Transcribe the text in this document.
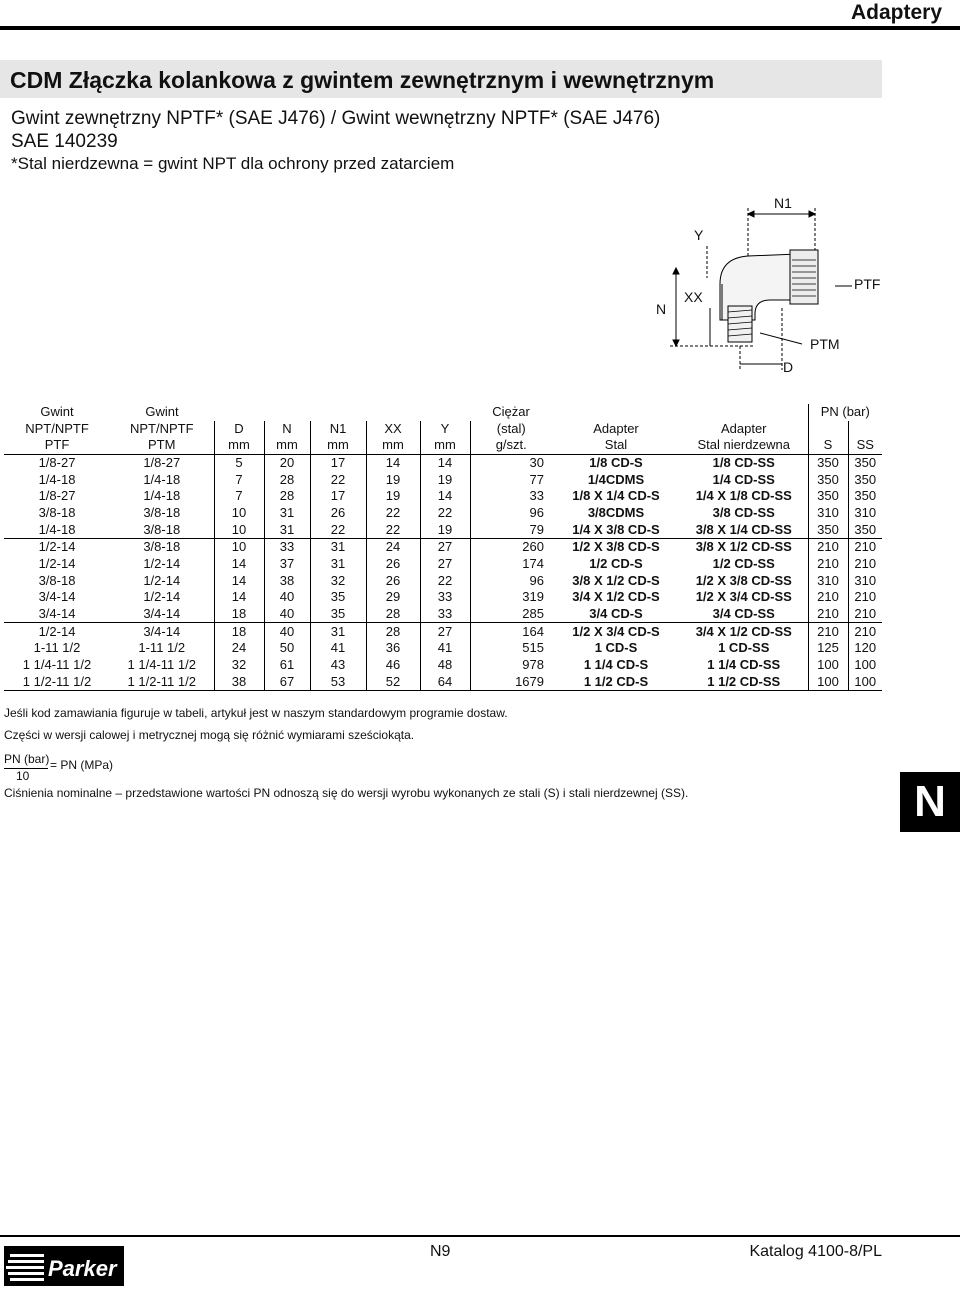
Adaptery
CDM Złączka kolankowa z gwintem zewnętrznym i wewnętrznym
Gwint zewnętrzny NPTF* (SAE J476) / Gwint wewnętrzny NPTF* (SAE J476)
SAE 140239
*Stal nierdzewna = gwint NPT dla ochrony przed zatarciem
N1
Y
N
XX
PTF
PTM
D
Gwint	Gwint						Ciężar			PN (bar)	
NPT/NPTF	NPT/NPTF	D	N	N1	XX	Y	(stal)	Adapter	Adapter		
PTF	PTM	mm	mm	mm	mm	mm	g/szt.	Stal	Stal nierdzewna	S	SS
1/8-27	1/8-27	5	20	17	14	14	30	1/8 CD-S	1/8 CD-SS	350	350
1/4-18	1/4-18	7	28	22	19	19	77	1/4CDMS	1/4 CD-SS	350	350
1/8-27	1/4-18	7	28	17	19	14	33	1/8 X 1/4 CD-S	1/4 X 1/8 CD-SS	350	350
3/8-18	3/8-18	10	31	26	22	22	96	3/8CDMS	3/8 CD-SS	310	310
1/4-18	3/8-18	10	31	22	22	19	79	1/4 X 3/8 CD-S	3/8 X 1/4 CD-SS	350	350
1/2-14	3/8-18	10	33	31	24	27	260	1/2 X 3/8 CD-S	3/8 X 1/2 CD-SS	210	210
1/2-14	1/2-14	14	37	31	26	27	174	1/2 CD-S	1/2 CD-SS	210	210
3/8-18	1/2-14	14	38	32	26	22	96	3/8 X 1/2 CD-S	1/2 X 3/8 CD-SS	310	310
3/4-14	1/2-14	14	40	35	29	33	319	3/4 X 1/2 CD-S	1/2 X 3/4 CD-SS	210	210
3/4-14	3/4-14	18	40	35	28	33	285	3/4 CD-S	3/4 CD-SS	210	210
1/2-14	3/4-14	18	40	31	28	27	164	1/2 X 3/4 CD-S	3/4 X 1/2 CD-SS	210	210
1-11 1/2	1-11 1/2	24	50	41	36	41	515	1 CD-S	1 CD-SS	125	120
1 1/4-11 1/2	1 1/4-11 1/2	32	61	43	46	48	978	1 1/4 CD-S	1 1/4 CD-SS	100	100
1 1/2-11 1/2	1 1/2-11 1/2	38	67	53	52	64	1679	1 1/2 CD-S	1 1/2 CD-SS	100	100
Jeśli kod zamawiania figuruje w tabeli, artykuł jest w naszym standardowym programie dostaw.
Części w wersji calowej i metrycznej mogą się różnić wymiarami sześciokąta.
PN (bar)
10
= PN (MPa)
Ciśnienia nominalne – przedstawione wartości PN odnoszą się do wersji wyrobu wykonanych ze stali (S) i stali nierdzewnej (SS).	N
Parker
N9	Katalog 4100-8/PL
